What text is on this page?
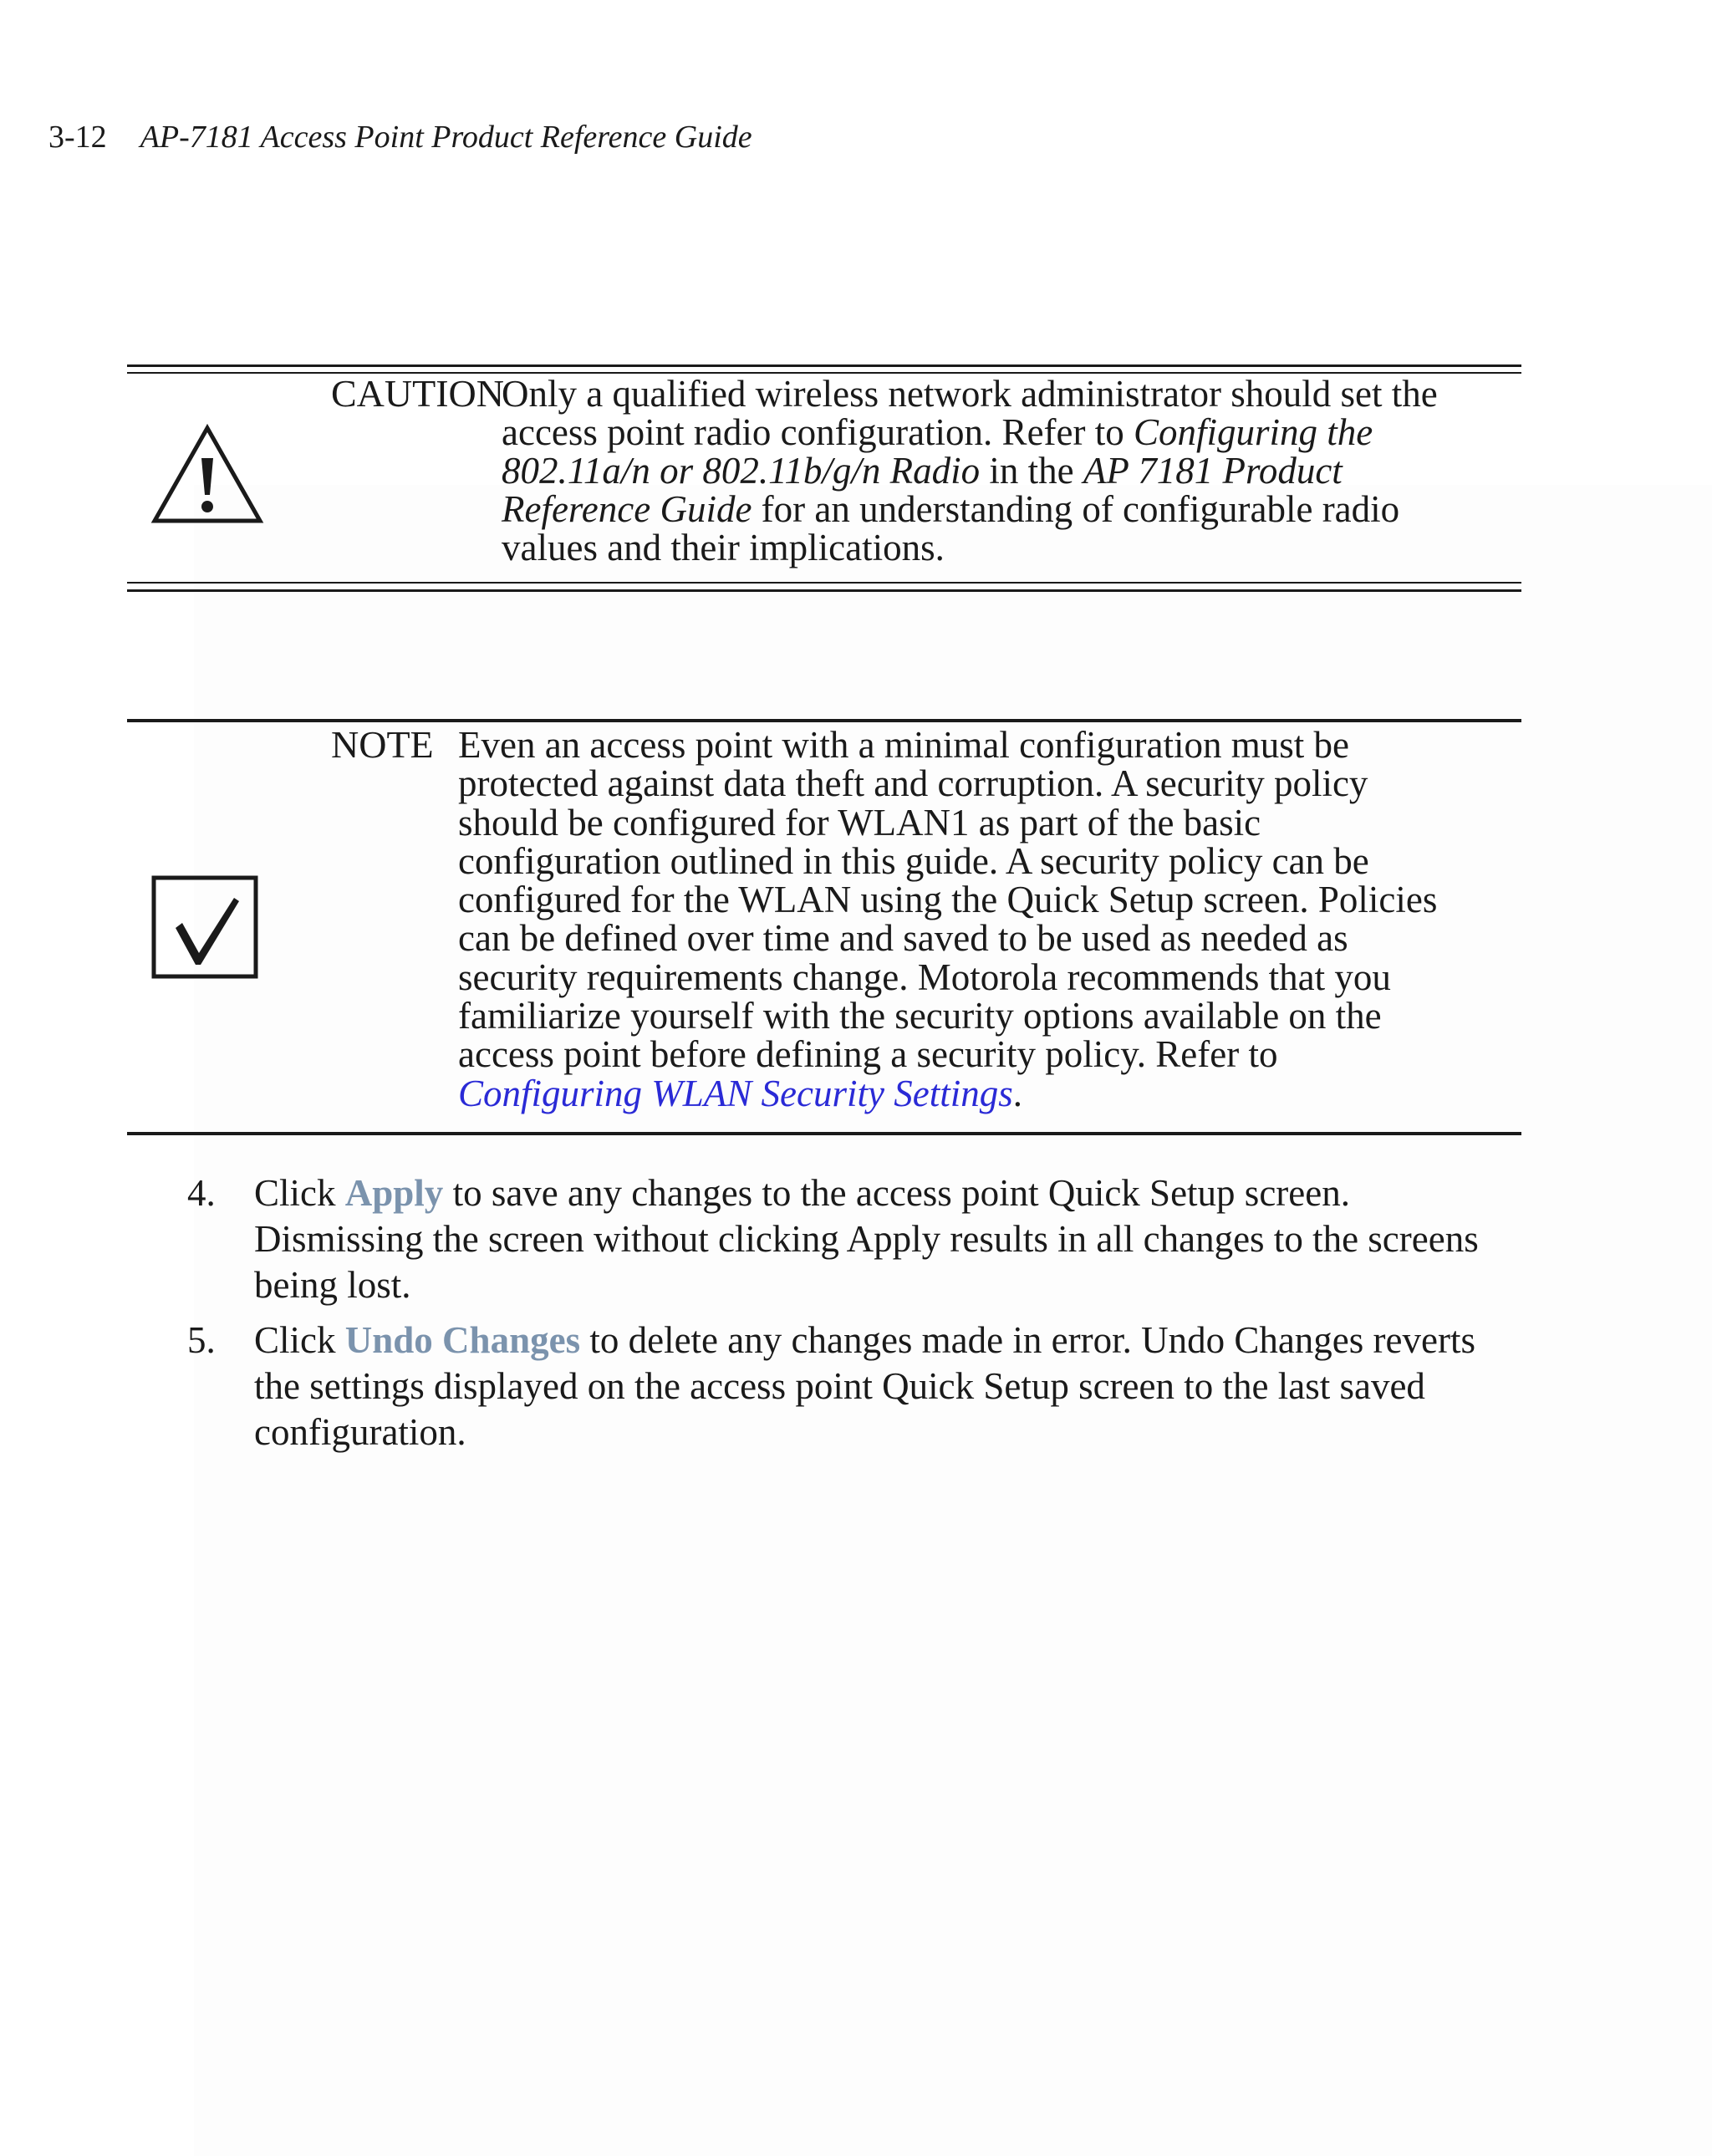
3-12 AP-7181 Access Point Product Reference Guide
CAUTION
Only a qualified wireless network administrator should set the
access point radio configuration. Refer to Configuring the
802.11a/n or 802.11b/g/n Radio in the AP 7181 Product
Reference Guide for an understanding of configurable radio
values and their implications.
NOTE Even an access point with a minimal configuration must be
protected against data theft and corruption. A security policy
should be configured for WLAN1 as part of the basic
configuration outlined in this guide. A security policy can be
configured for the WLAN using the Quick Setup screen. Policies
can be defined over time and saved to be used as needed as
security requirements change. Motorola recommends that you
familiarize yourself with the security options available on the
access point before defining a security policy. Refer to
Configuring WLAN Security Settings.
4. Click Apply to save any changes to the access point Quick Setup screen.
Dismissing the screen without clicking Apply results in all changes to the screens
being lost.
5. Click Undo Changes to delete any changes made in error. Undo Changes reverts
the settings displayed on the access point Quick Setup screen to the last saved
configuration.
